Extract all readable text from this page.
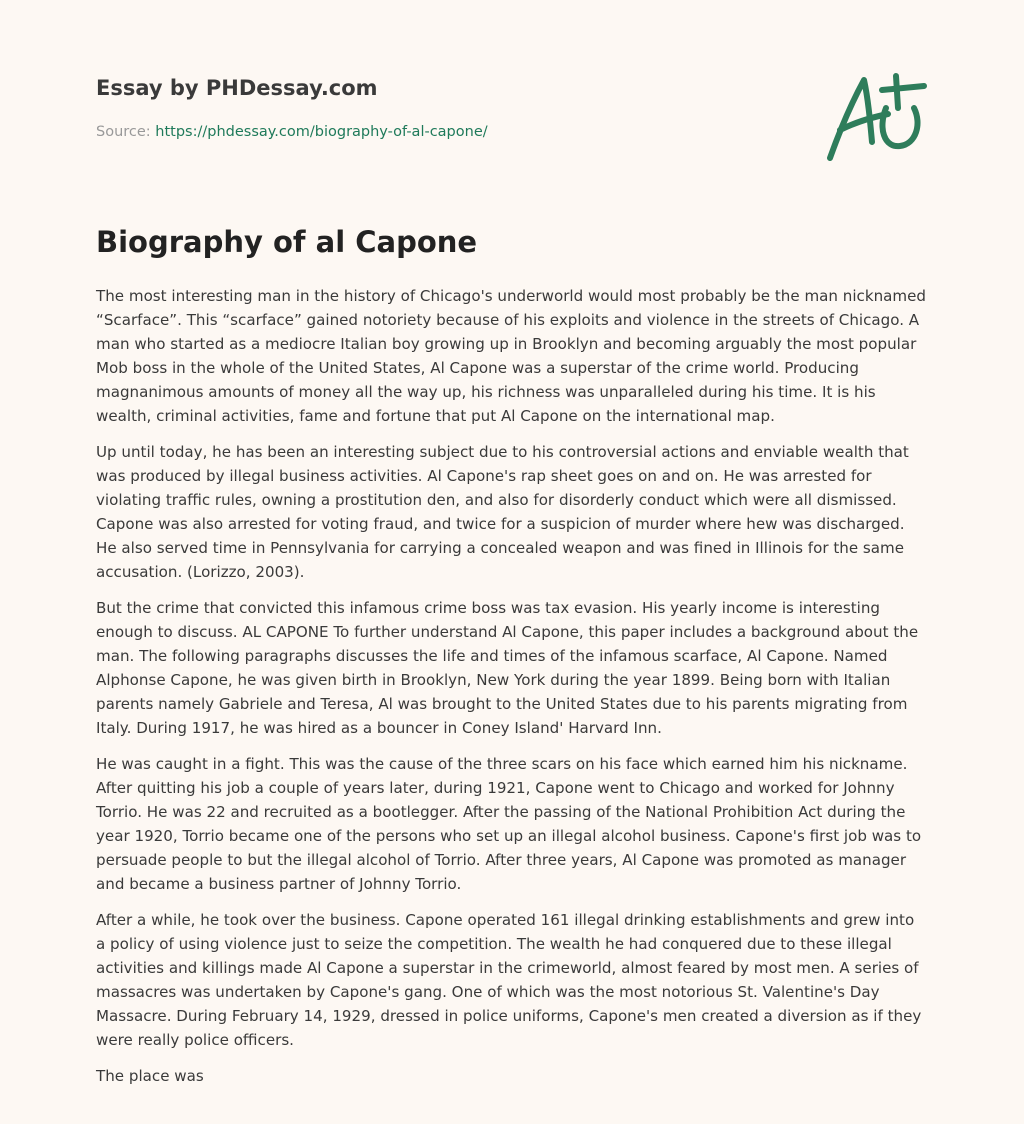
Essay by PHDessay.com
Source: https://phdessay.com/biography-of-al-capone/
Biography of al Capone

The most interesting man in the history of Chicago's underworld would most probably be the man nicknamed “Scarface”. This “scarface” gained notoriety because of his exploits and violence in the streets of Chicago. A man who started as a mediocre Italian boy growing up in Brooklyn and becoming arguably the most popular Mob boss in the whole of the United States, Al Capone was a superstar of the crime world. Producing magnanimous amounts of money all the way up, his richness was unparalleled during his time. It is his wealth, criminal activities, fame and fortune that put Al Capone on the international map.

Up until today, he has been an interesting subject due to his controversial actions and enviable wealth that was produced by illegal business activities. Al Capone's rap sheet goes on and on. He was arrested for violating traffic rules, owning a prostitution den, and also for disorderly conduct which were all dismissed. Capone was also arrested for voting fraud, and twice for a suspicion of murder where hew was discharged. He also served time in Pennsylvania for carrying a concealed weapon and was fined in Illinois for the same accusation. (Lorizzo, 2003).

But the crime that convicted this infamous crime boss was tax evasion. His yearly income is interesting enough to discuss. AL CAPONE To further understand Al Capone, this paper includes a background about the man. The following paragraphs discusses the life and times of the infamous scarface, Al Capone. Named Alphonse Capone, he was given birth in Brooklyn, New York during the year 1899. Being born with Italian parents namely Gabriele and Teresa, Al was brought to the United States due to his parents migrating from Italy. During 1917, he was hired as a bouncer in Coney Island' Harvard Inn.

He was caught in a fight. This was the cause of the three scars on his face which earned him his nickname. After quitting his job a couple of years later, during 1921, Capone went to Chicago and worked for Johnny Torrio. He was 22 and recruited as a bootlegger. After the passing of the National Prohibition Act during the year 1920, Torrio became one of the persons who set up an illegal alcohol business. Capone's first job was to persuade people to but the illegal alcohol of Torrio. After three years, Al Capone was promoted as manager and became a business partner of Johnny Torrio.

After a while, he took over the business. Capone operated 161 illegal drinking establishments and grew into a policy of using violence just to seize the competition. The wealth he had conquered due to these illegal activities and killings made Al Capone a superstar in the crimeworld, almost feared by most men. A series of massacres was undertaken by Capone's gang. One of which was the most notorious St. Valentine's Day Massacre. During February 14, 1929, dressed in police uniforms, Capone's men created a diversion as if they were really police officers.

The place was
